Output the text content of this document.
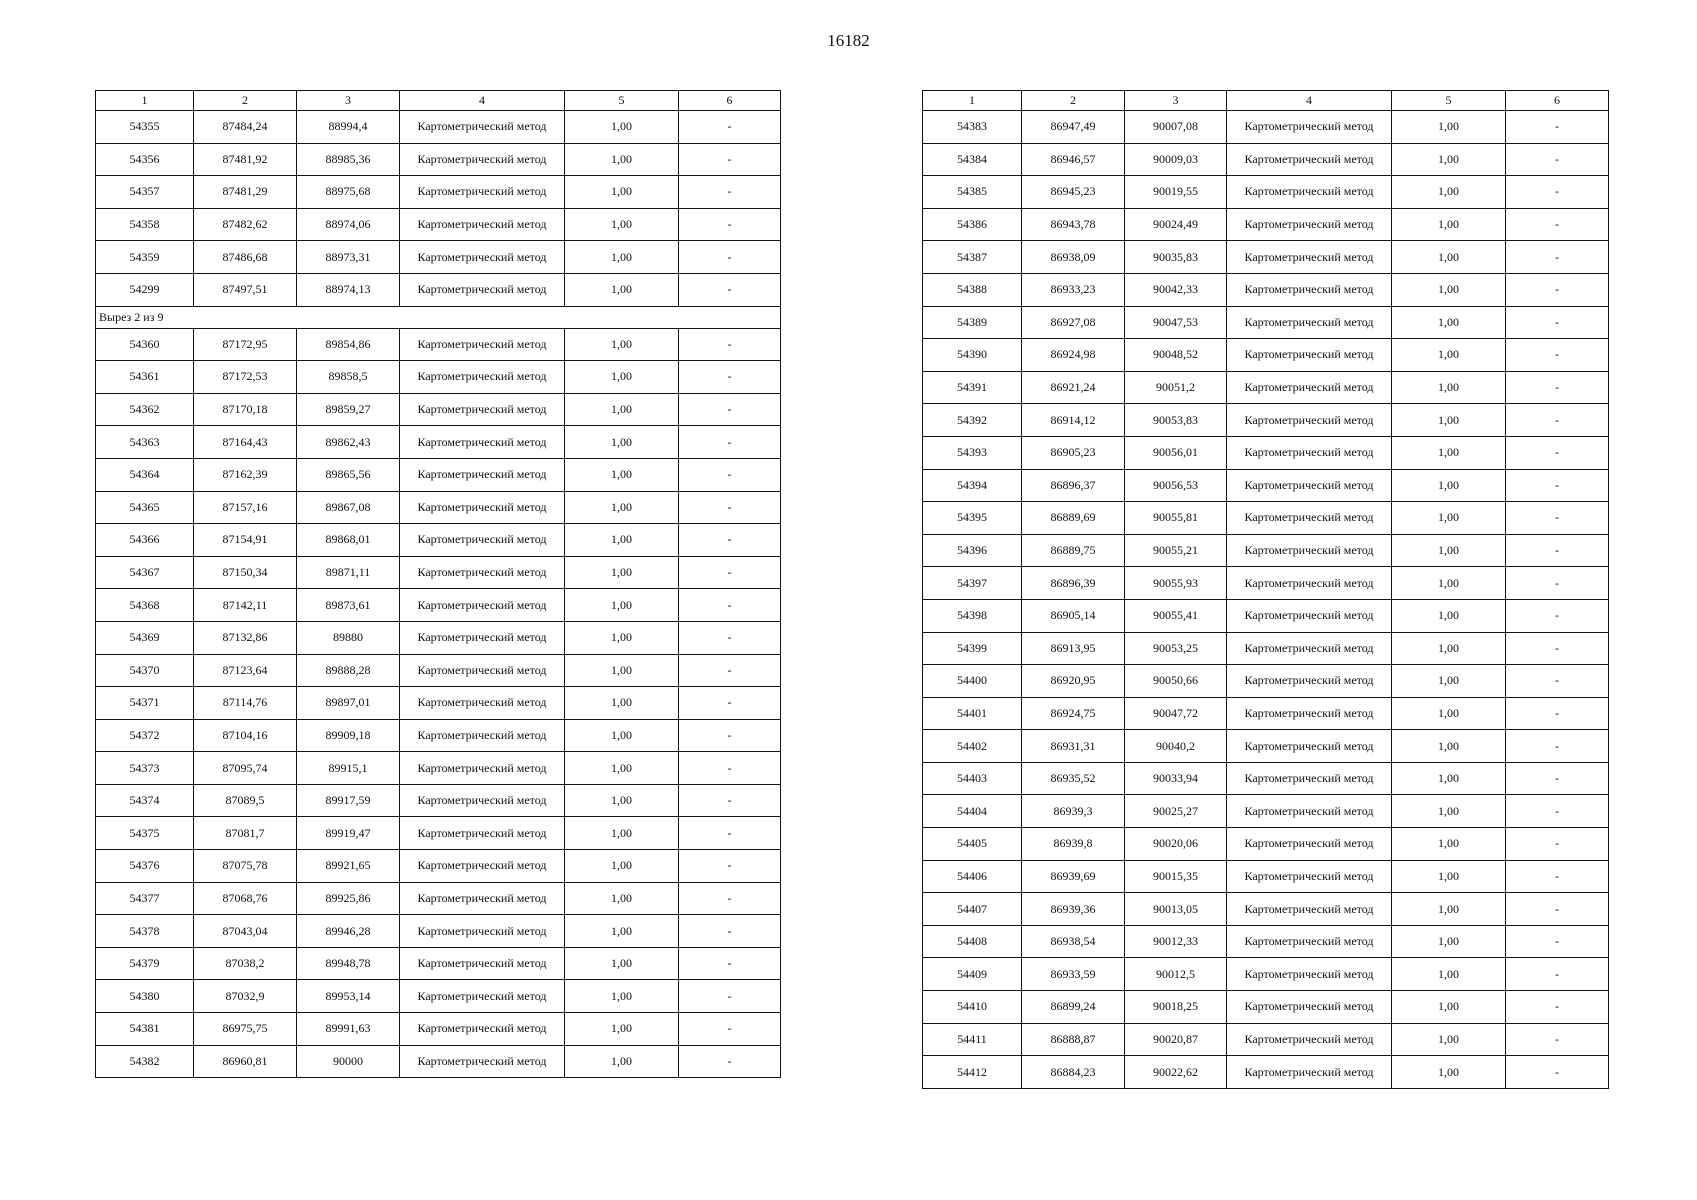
16182
1	2	3	4	5	6
54355	87484,24	88994,4	Картометрический метод	1,00	-
54356	87481,92	88985,36	Картометрический метод	1,00	-
54357	87481,29	88975,68	Картометрический метод	1,00	-
54358	87482,62	88974,06	Картометрический метод	1,00	-
54359	87486,68	88973,31	Картометрический метод	1,00	-
54299	87497,51	88974,13	Картометрический метод	1,00	-
Вырез 2 из 9					
54360	87172,95	89854,86	Картометрический метод	1,00	-
54361	87172,53	89858,5	Картометрический метод	1,00	-
54362	87170,18	89859,27	Картометрический метод	1,00	-
54363	87164,43	89862,43	Картометрический метод	1,00	-
54364	87162,39	89865,56	Картометрический метод	1,00	-
54365	87157,16	89867,08	Картометрический метод	1,00	-
54366	87154,91	89868,01	Картометрический метод	1,00	-
54367	87150,34	89871,11	Картометрический метод	1,00	-
54368	87142,11	89873,61	Картометрический метод	1,00	-
54369	87132,86	89880	Картометрический метод	1,00	-
54370	87123,64	89888,28	Картометрический метод	1,00	-
54371	87114,76	89897,01	Картометрический метод	1,00	-
54372	87104,16	89909,18	Картометрический метод	1,00	-
54373	87095,74	89915,1	Картометрический метод	1,00	-
54374	87089,5	89917,59	Картометрический метод	1,00	-
54375	87081,7	89919,47	Картометрический метод	1,00	-
54376	87075,78	89921,65	Картометрический метод	1,00	-
54377	87068,76	89925,86	Картометрический метод	1,00	-
54378	87043,04	89946,28	Картометрический метод	1,00	-
54379	87038,2	89948,78	Картометрический метод	1,00	-
54380	87032,9	89953,14	Картометрический метод	1,00	-
54381	86975,75	89991,63	Картометрический метод	1,00	-
54382	86960,81	90000	Картометрический метод	1,00	-
1	2	3	4	5	6
54383	86947,49	90007,08	Картометрический метод	1,00	-
54384	86946,57	90009,03	Картометрический метод	1,00	-
54385	86945,23	90019,55	Картометрический метод	1,00	-
54386	86943,78	90024,49	Картометрический метод	1,00	-
54387	86938,09	90035,83	Картометрический метод	1,00	-
54388	86933,23	90042,33	Картометрический метод	1,00	-
54389	86927,08	90047,53	Картометрический метод	1,00	-
54390	86924,98	90048,52	Картометрический метод	1,00	-
54391	86921,24	90051,2	Картометрический метод	1,00	-
54392	86914,12	90053,83	Картометрический метод	1,00	-
54393	86905,23	90056,01	Картометрический метод	1,00	-
54394	86896,37	90056,53	Картометрический метод	1,00	-
54395	86889,69	90055,81	Картометрический метод	1,00	-
54396	86889,75	90055,21	Картометрический метод	1,00	-
54397	86896,39	90055,93	Картометрический метод	1,00	-
54398	86905,14	90055,41	Картометрический метод	1,00	-
54399	86913,95	90053,25	Картометрический метод	1,00	-
54400	86920,95	90050,66	Картометрический метод	1,00	-
54401	86924,75	90047,72	Картометрический метод	1,00	-
54402	86931,31	90040,2	Картометрический метод	1,00	-
54403	86935,52	90033,94	Картометрический метод	1,00	-
54404	86939,3	90025,27	Картометрический метод	1,00	-
54405	86939,8	90020,06	Картометрический метод	1,00	-
54406	86939,69	90015,35	Картометрический метод	1,00	-
54407	86939,36	90013,05	Картометрический метод	1,00	-
54408	86938,54	90012,33	Картометрический метод	1,00	-
54409	86933,59	90012,5	Картометрический метод	1,00	-
54410	86899,24	90018,25	Картометрический метод	1,00	-
54411	86888,87	90020,87	Картометрический метод	1,00	-
54412	86884,23	90022,62	Картометрический метод	1,00	-
